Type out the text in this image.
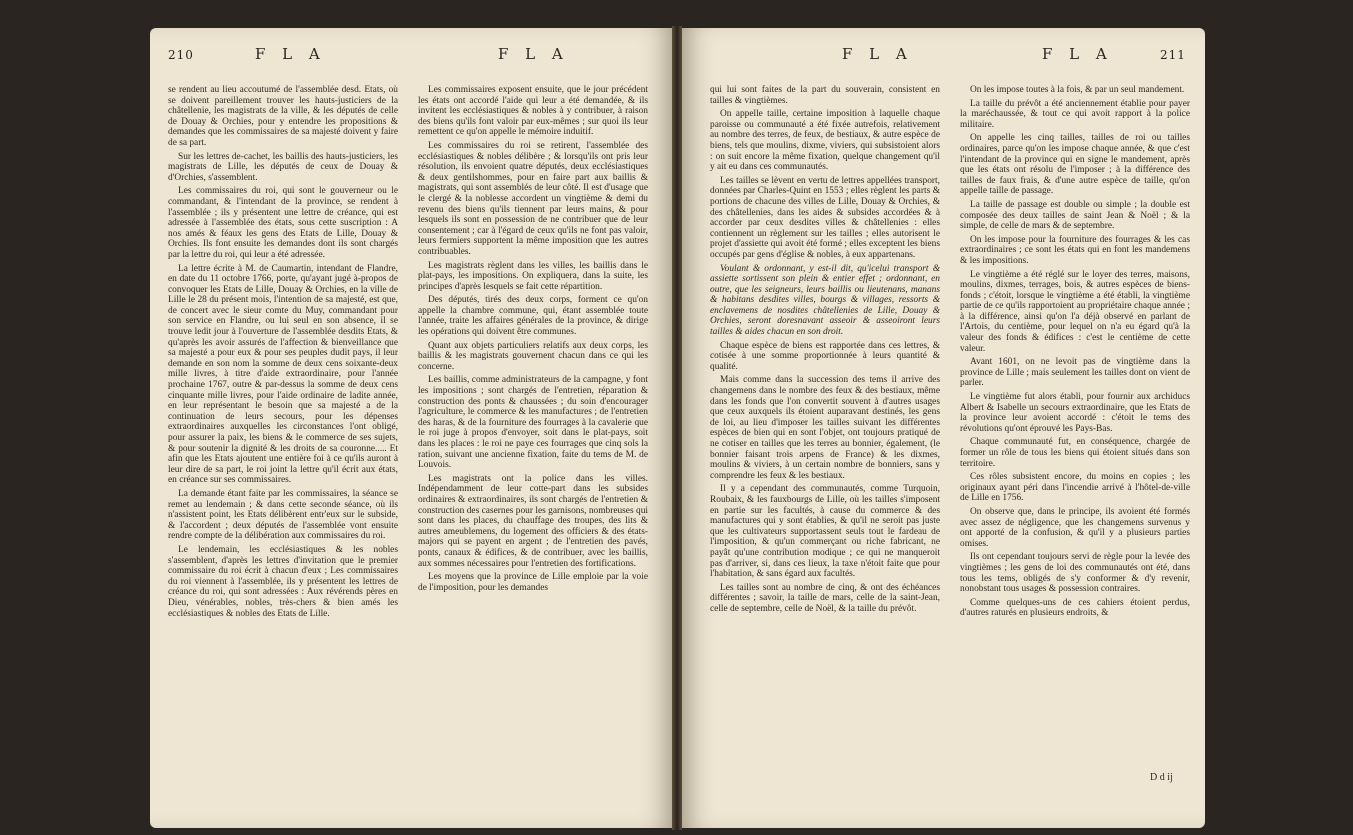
210	F L A	F L A	F L A	F L A	211

se rendent au lieu accoutumé de l'assemblée desd. Etats, où se doivent pareillement trouver les hauts-justiciers de la châtellenie, les magistrats de la ville, & les députés de celle de Douay & Orchies, pour y entendre les propositions & demandes que les commissaires de sa majesté doivent y faire de sa part.

Sur les lettres de-cachet, les baillis des hauts-justiciers, les magistrats de Lille, les députés de ceux de Douay & d'Orchies, s'assemblent.

Les commissaires du roi, qui sont le gouverneur ou le commandant, & l'intendant de la province, se rendent à l'assemblée ; ils y présentent une lettre de créance, qui est adressée à l'assemblée des états, sous cette suscription : A nos amés & féaux les gens des Etats de Lille, Douay & Orchies. Ils font ensuite les demandes dont ils sont chargés par la lettre du roi, qui leur a été adressée.

La lettre écrite à M. de Caumartin, intendant de Flandre, en date du 11 octobre 1766, porte, qu'ayant jugé à-propos de convoquer les Etats de Lille, Douay & Orchies, en la ville de Lille le 28 du présent mois, l'intention de sa majesté, est que, de concert avec le sieur comte du Muy, commandant pour son service en Flandre, ou lui seul en son absence, il se trouve ledit jour à l'ouverture de l'assemblée desdits Etats, & qu'après les avoir assurés de l'affection & bienveillance que sa majesté a pour eux & pour ses peuples dudit pays, il leur demande en son nom la somme de deux cens soixante-deux mille livres, à titre d'aide extraordinaire, pour l'année prochaine 1767, outre & par-dessus la somme de deux cens cinquante mille livres, pour l'aide ordinaire de ladite année, en leur représentant le besoin que sa majesté a de la continuation de leurs secours, pour les dépenses extraordinaires auxquelles les circonstances l'ont obligé, pour assurer la paix, les biens & le commerce de ses sujets, & pour soutenir la dignité & les droits de sa couronne..... Et afin que les Etats ajoutent une entière foi à ce qu'ils auront à leur dire de sa part, le roi joint la lettre qu'il écrit aux états, en créance sur ses commissaires.

La demande étant faite par les commissaires, la séance se remet au lendemain ; & dans cette seconde séance, où ils n'assistent point, les Etats délibèrent entr'eux sur le subside, & l'accordent ; deux députés de l'assemblée vont ensuite rendre compte de la délibération aux commissaires du roi.

Le lendemain, les ecclésiastiques & les nobles s'assemblent, d'après les lettres d'invitation que le premier commissaire du roi écrit à chacun d'eux ; Les commissaires du roi viennent à l'assemblée, ils y présentent les lettres de créance du roi, qui sont adressées : Aux révérends pères en Dieu, vénérables, nobles, très-chers & bien amés les ecclésiastiques & nobles des Etats de Lille.

Les commissaires exposent ensuite, que le jour précédent les états ont accordé l'aide qui leur a été demandée, & ils invitent les ecclésiastiques & nobles à y contribuer, à raison des biens qu'ils font valoir par eux-mêmes ; sur quoi ils leur remettent ce qu'on appelle le mémoire induitif.

Les commissaires du roi se retirent, l'assemblée des ecclésiastiques & nobles délibère ; & lorsqu'ils ont pris leur résolution, ils envoient quatre députés, deux ecclésiastiques & deux gentilshommes, pour en faire part aux baillis & magistrats, qui sont assemblés de leur côté. Il est d'usage que le clergé & la noblesse accordent un vingtième & demi du revenu des biens qu'ils tiennent par leurs mains, & pour lesquels ils sont en possession de ne contribuer que de leur consentement ; car à l'égard de ceux qu'ils ne font pas valoir, leurs fermiers supportent la même imposition que les autres contribuables.

Les magistrats règlent dans les villes, les baillis dans le plat-pays, les impositions. On expliquera, dans la suite, les principes d'après lesquels se fait cette répartition.

Des députés, tirés des deux corps, forment ce qu'on appelle la chambre commune, qui, étant assemblée toute l'année, traite les affaires générales de la province, & dirige les opérations qui doivent être communes.

Quant aux objets particuliers relatifs aux deux corps, les baillis & les magistrats gouvernent chacun dans ce qui les concerne.

Les baillis, comme administrateurs de la campagne, y font les impositions ; sont chargés de l'entretien, réparation & construction des ponts & chaussées ; du soin d'encourager l'agriculture, le commerce & les manufactures ; de l'entretien des haras, & de la fourniture des fourrages à la cavalerie que le roi juge à propos d'envoyer, soit dans le plat-pays, soit dans les places : le roi ne paye ces fourrages que cinq sols la ration, suivant une ancienne fixation, faite du tems de M. de Louvois.

Les magistrats ont la police dans les villes. Indépendamment de leur cotte-part dans les subsides ordinaires & extraordinaires, ils sont chargés de l'entretien & construction des casernes pour les garnisons, nombreuses qui sont dans les places, du chauffage des troupes, des lits & autres ameublemens, du logement des officiers & des états-majors qui se payent en argent ; de l'entretien des pavés, ponts, canaux & édifices, & de contribuer, avec les baillis, aux sommes nécessaires pour l'entretien des fortifications.

Les moyens que la province de Lille emploie par la voie de l'imposition, pour les demandes

qui lui sont faites de la part du souverain, consistent en tailles & vingtièmes.

On appelle taille, certaine imposition à laquelle chaque paroisse ou communauté a été fixée autrefois, relativement au nombre des terres, de feux, de bestiaux, & autre espèce de biens, tels que moulins, dixme, viviers, qui subsistoient alors : on suit encore la même fixation, quelque changement qu'il y ait eu dans ces communautés.

Les tailles se lèvent en vertu de lettres appellées transport, données par Charles-Quint en 1553 ; elles règlent les parts & portions de chacune des villes de Lille, Douay & Orchies, & des châtellenies, dans les aides & subsides accordées & à accorder par ceux desdites villes & châtellenies : elles contiennent un règlement sur les tailles ; elles autorisent le projet d'assiette qui avoit été formé ; elles exceptent les biens occupés par gens d'église & nobles, à eux appartenans.

Voulant & ordonnant, y est-il dit, qu'icelui transport & assiette sortissent son plein & entier effet ; ordonnant, en outre, que les seigneurs, leurs baillis ou lieutenans, manans & habitans desdites villes, bourgs & villages, ressorts & enclavemens de nosdites châtellenies de Lille, Douay & Orchies, seront doresnavant asseoir & asseoiront leurs tailles & aides chacun en son droit.

Chaque espèce de biens est rapportée dans ces lettres, & cotisée à une somme proportionnée à leurs quantité & qualité.

Mais comme dans la succession des tems il arrive des changemens dans le nombre des feux & des bestiaux, même dans les fonds que l'on convertit souvent à d'autres usages que ceux auxquels ils étoient auparavant destinés, les gens de loi, au lieu d'imposer les tailles suivant les différentes espèces de bien qui en sont l'objet, ont toujours pratiqué de ne cotiser en tailles que les terres au bonnier, également, (le bonnier faisant trois arpens de France) & les dixmes, moulins & viviers, à un certain nombre de bonniers, sans y comprendre les feux & les bestiaux.

Il y a cependant des communautés, comme Turquoin, Roubaix, & les fauxbourgs de Lille, où les tailles s'imposent en partie sur les facultés, à cause du commerce & des manufactures qui y sont établies, & qu'il ne seroit pas juste que les cultivateurs supportassent seuls tout le fardeau de l'imposition, & qu'un commerçant ou riche fabricant, ne payât qu'une contribution modique ; ce qui ne manqueroit pas d'arriver, si, dans ces lieux, la taxe n'étoit faite que pour l'habitation, & sans égard aux facultés.

Les tailles sont au nombre de cinq, & ont des échéances différentes ; savoir, la taille de mars, celle de la saint-Jean, celle de septembre, celle de Noël, & la taille du prévôt.

On les impose toutes à la fois, & par un seul mandement.

La taille du prévôt a été anciennement établie pour payer la maréchaussée, & tout ce qui avoit rapport à la police militaire.

On appelle les cinq tailles, tailles de roi ou tailles ordinaires, parce qu'on les impose chaque année, & que c'est l'intendant de la province qui en signe le mandement, après que les états ont résolu de l'imposer ; à la différence des tailles de faux frais, & d'une autre espèce de taille, qu'on appelle taille de passage.

La taille de passage est double ou simple ; la double est composée des deux tailles de saint Jean & Noël ; & la simple, de celle de mars & de septembre.

On les impose pour la fourniture des fourrages & les cas extraordinaires ; ce sont les états qui en font les mandemens & les impositions.

Le vingtième a été réglé sur le loyer des terres, maisons, moulins, dixmes, terrages, bois, & autres espèces de biens-fonds ; c'étoit, lorsque le vingtième a été établi, la vingtième partie de ce qu'ils rapportoient au propriétaire chaque année ; à la différence, ainsi qu'on l'a déjà observé en parlant de l'Artois, du centième, pour lequel on n'a eu égard qu'à la valeur des fonds & édifices : c'est le centième de cette valeur.

Avant 1601, on ne levoit pas de vingtième dans la province de Lille ; mais seulement les tailles dont on vient de parler.

Le vingtième fut alors établi, pour fournir aux archiducs Albert & Isabelle un secours extraordinaire, que les Etats de la province leur avoient accordé : c'étoit le tems des révolutions qu'ont éprouvé les Pays-Bas.

Chaque communauté fut, en conséquence, chargée de former un rôle de tous les biens qui étoient situés dans son territoire.

Ces rôles subsistent encore, du moins en copies ; les originaux ayant péri dans l'incendie arrivé à l'hôtel-de-ville de Lille en 1756.

On observe que, dans le principe, ils avoient été formés avec assez de négligence, que les changemens survenus y ont apporté de la confusion, & qu'il y a plusieurs parties omises.

Ils ont cependant toujours servi de règle pour la levée des vingtièmes ; les gens de loi des communautés ont été, dans tous les tems, obligés de s'y conformer & d'y revenir, nonobstant tous usages & possession contraires.

Comme quelques-uns de ces cahiers étoient perdus, d'autres raturés en plusieurs endroits, &

D d ij
